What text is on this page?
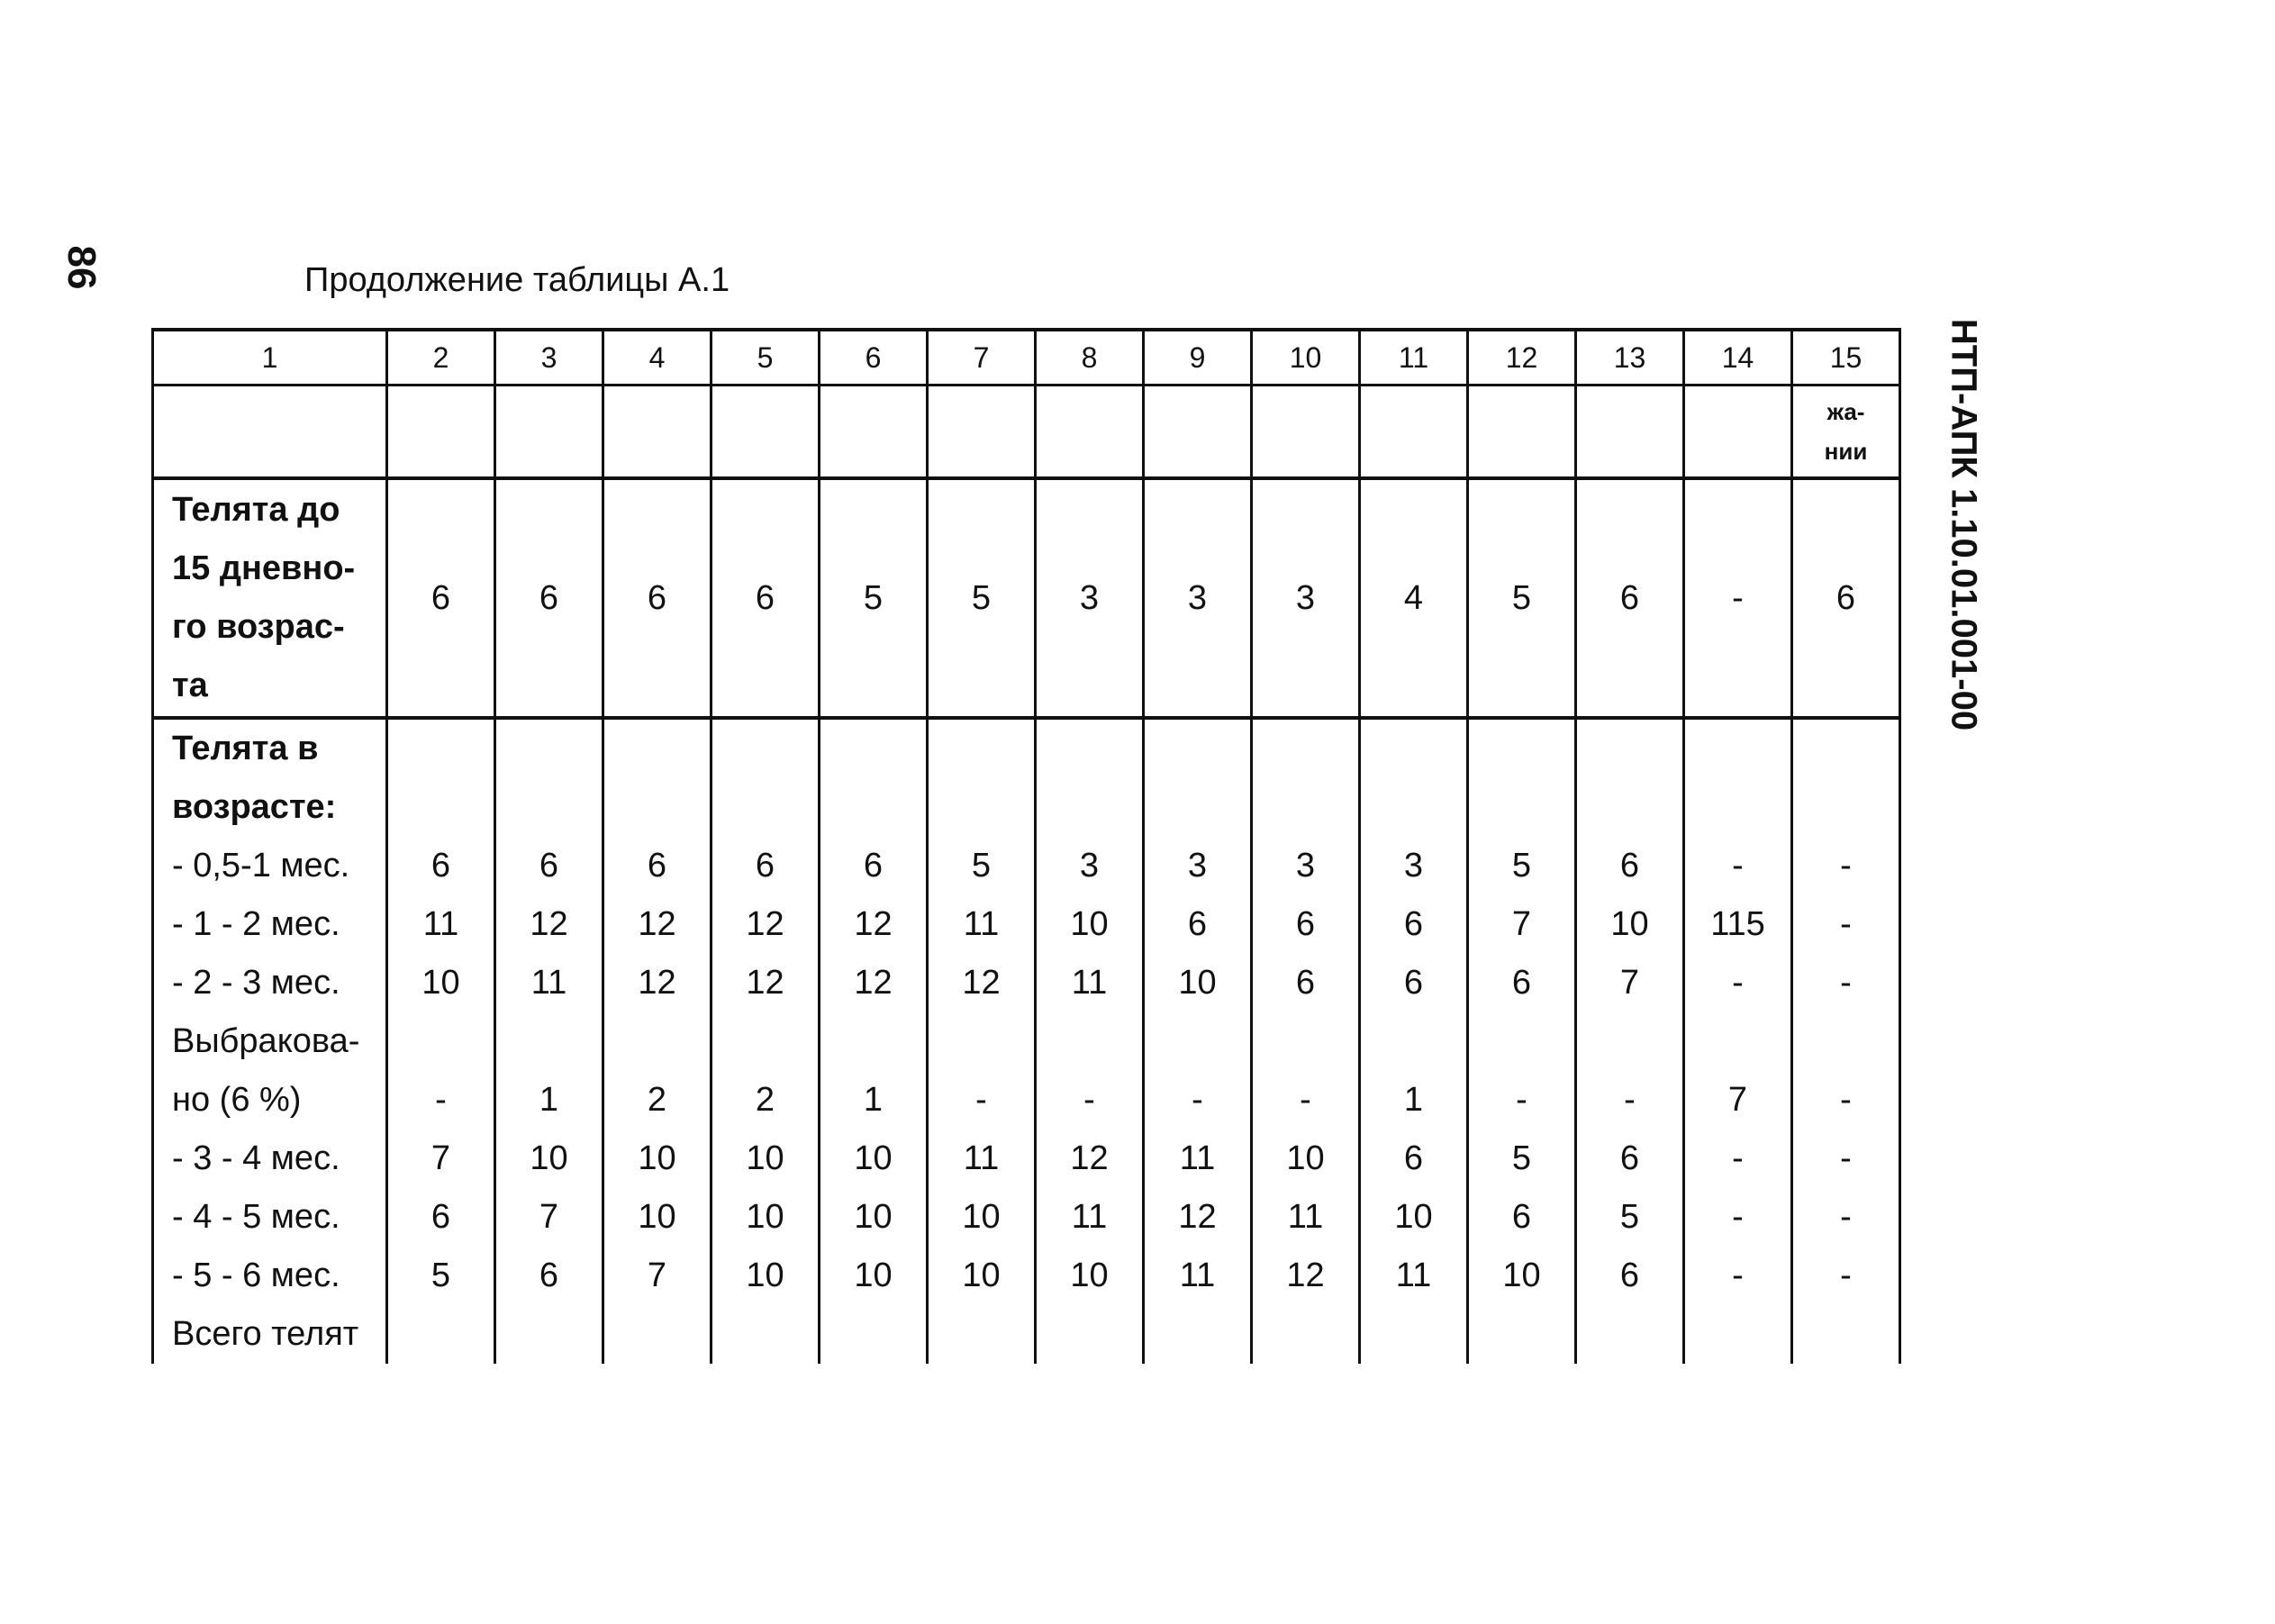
86
НТП-АПК 1.10.01.001-00
Продолжение таблицы А.1
1	2	3	4	5	6	7	8	9	10	11	12	13	14	15

														жа-
нии

Телята до
15 дневно-
го возрас-
та	6	6	6	6	5	5	3	3	3	4	5	6	-	6
Телята в														
возрасте:														
- 0,5-1 мес.	6	6	6	6	6	5	3	3	3	3	5	6	-	-
- 1 - 2 мес.	11	12	12	12	12	11	10	6	6	6	7	10	115	-
- 2 - 3 мес.	10	11	12	12	12	12	11	10	6	6	6	7	-	-
Выбракова-														
но (6 %)	-	1	2	2	1	-	-	-	-	1	-	-	7	-
- 3 - 4 мес.	7	10	10	10	10	11	12	11	10	6	5	6	-	-
- 4 - 5 мес.	6	7	10	10	10	10	11	12	11	10	6	5	-	-
- 5 - 6 мес.	5	6	7	10	10	10	10	11	12	11	10	6	-	-
Всего телят														
